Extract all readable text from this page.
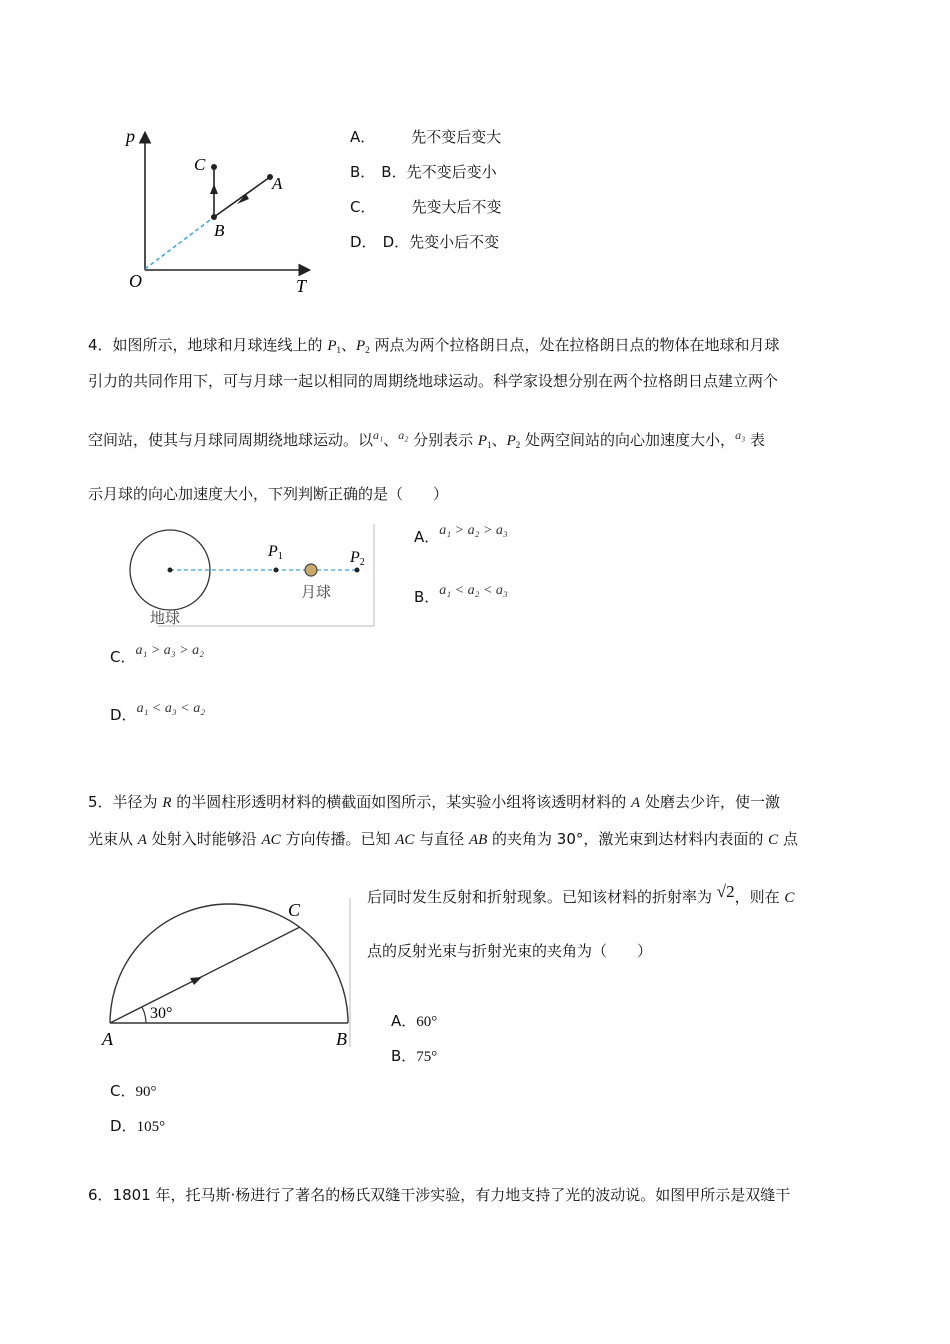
p
T
O
A
B
C
A． 先不变后变大
B． B．先不变后变小
C． 先变大后不变
D． D．先变小后不变
4．如图所示，地球和月球连线上的 $P_1$、$P_2$ 两点为两个拉格朗日点，处在拉格朗日点的物体在地球和月球
引力的共同作用下，可与月球一起以相同的周期绕地球运动。科学家设想分别在两个拉格朗日点建立两个
空间站，使其与月球同周期绕地球运动。以$^{a_1}$、$^{a_2}$ 分别表示 $P_1$、$P_2$ 处两空间站的向心加速度大小，$^{a_3}$ 表
示月球的向心加速度大小，下列判断正确的是（　　）
P1	P2
月球
地球
A．a₁ > a₂ > a₃
B．a₁ < a₂ < a₃
C．a₁ > a₃ > a₂
D．a₁ < a₃ < a₂
5．半径为 R 的半圆柱形透明材料的横截面如图所示，某实验小组将该透明材料的 A 处磨去少许，使一激
光束从 A 处射入时能够沿 AC 方向传播。已知 AC 与直径 AB 的夹角为 30°，激光束到达材料内表面的 C 点
后同时发生反射和折射现象。已知该材料的折射率为 √2，则在 C
点的反射光束与折射光束的夹角为（　　）
30°
A	B
C
A．60°
B．75°
C．90°
D．105°
6．1801 年，托马斯·杨进行了著名的杨氏双缝干涉实验，有力地支持了光的波动说。如图甲所示是双缝干
